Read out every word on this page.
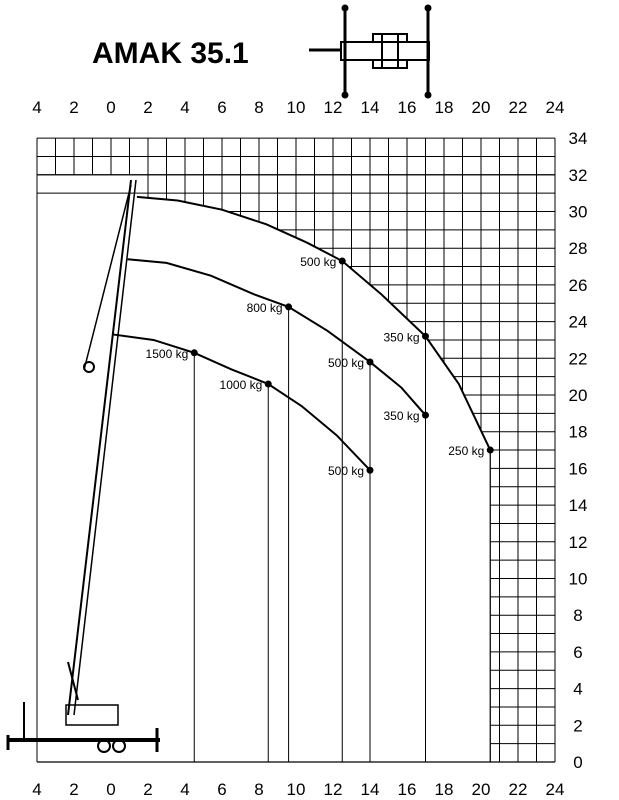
AMAK 35.1
500 kg
350 kg
250 kg
800 kg
500 kg
350 kg
1500 kg
1000 kg
500 kg
4
4
2
2
0
0
2
2
4
4
6
6
8
8
10
10
12
12
14
14
16
16
18
18
20
20
22
22
24
24
0
2
4
6
8
10
12
14
16
18
20
22
24
26
28
30
32
34
